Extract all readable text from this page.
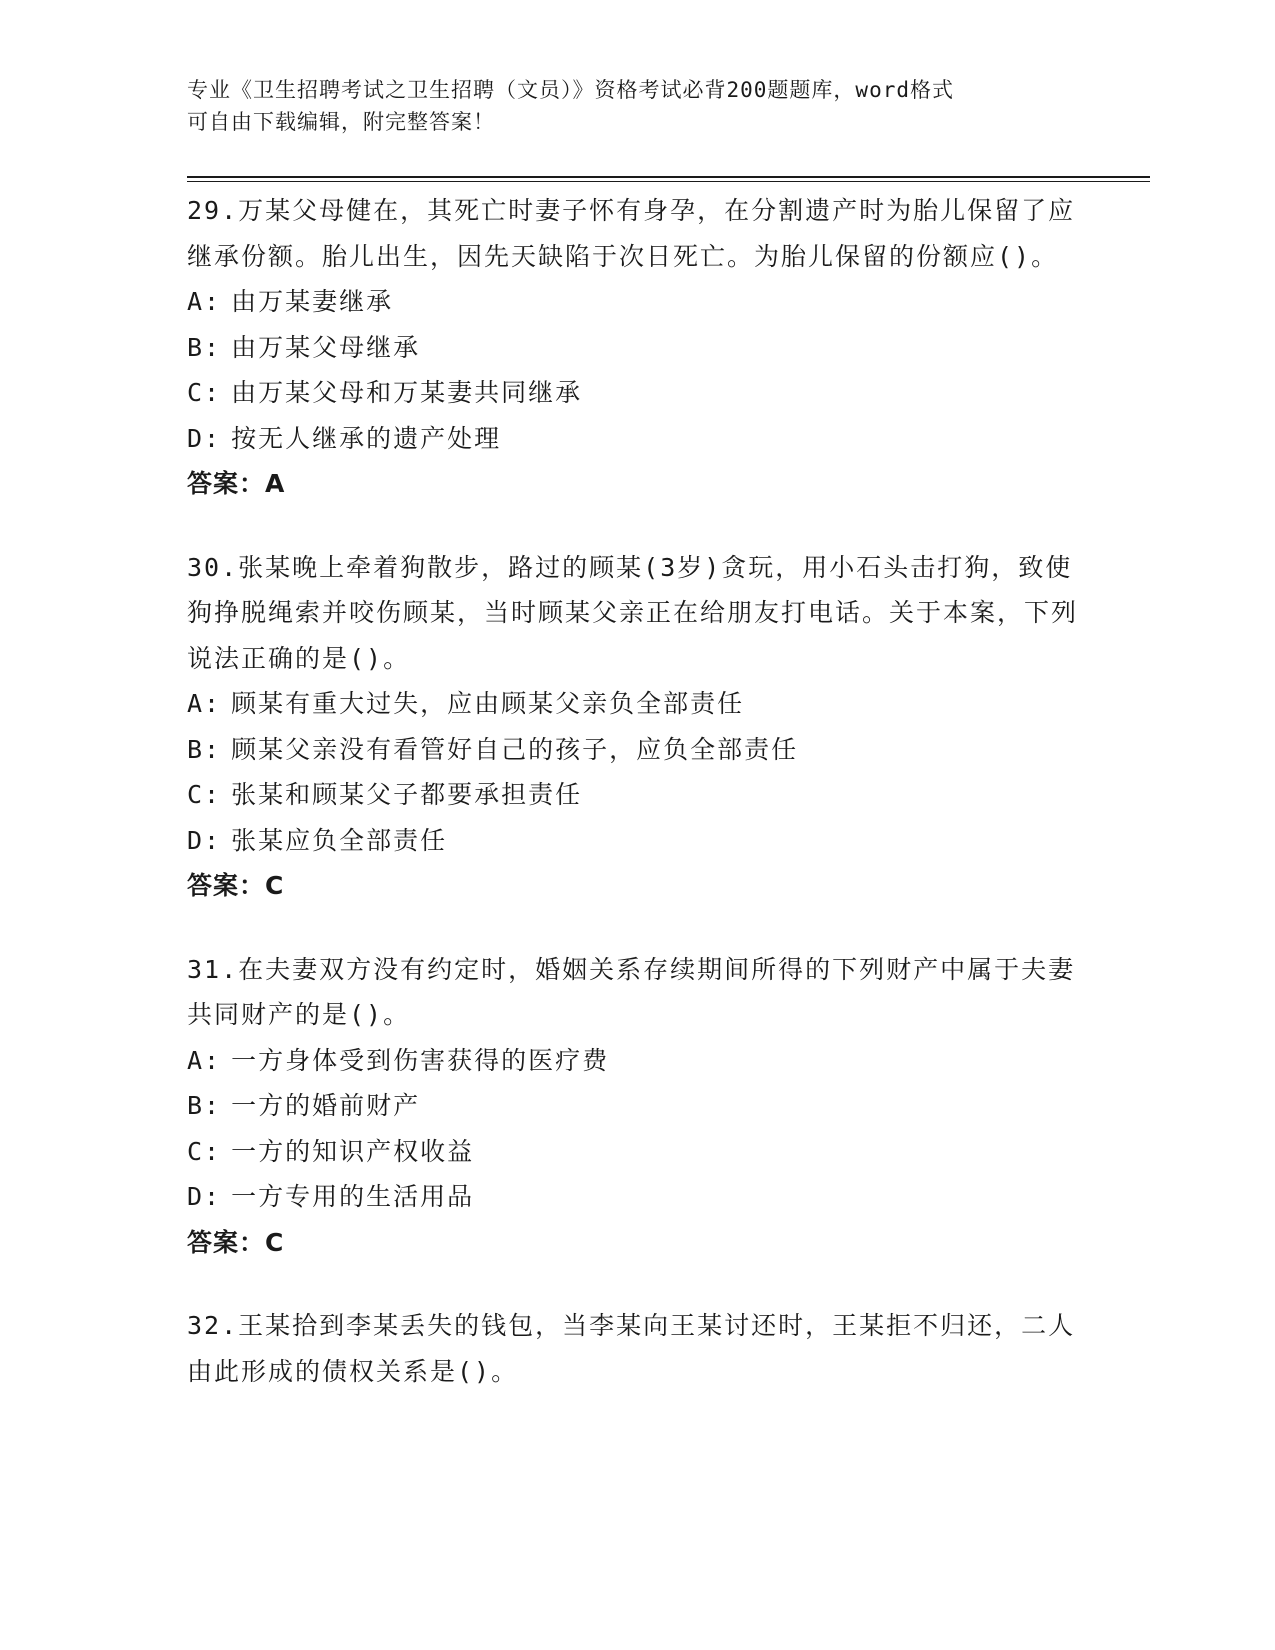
专业《卫生招聘考试之卫生招聘（文员）》资格考试必背200题题库，word格式
可自由下载编辑，附完整答案！
29.万某父母健在，其死亡时妻子怀有身孕，在分割遗产时为胎儿保留了应继承份额。胎儿出生，因先天缺陷于次日死亡。为胎儿保留的份额应()。
A: 由万某妻继承
B: 由万某父母继承
C: 由万某父母和万某妻共同继承
D: 按无人继承的遗产处理
答案：A
30.张某晚上牵着狗散步，路过的顾某(3岁)贪玩，用小石头击打狗，致使狗挣脱绳索并咬伤顾某，当时顾某父亲正在给朋友打电话。关于本案，下列说法正确的是()。
A: 顾某有重大过失，应由顾某父亲负全部责任
B: 顾某父亲没有看管好自己的孩子，应负全部责任
C: 张某和顾某父子都要承担责任
D: 张某应负全部责任
答案：C
31.在夫妻双方没有约定时，婚姻关系存续期间所得的下列财产中属于夫妻共同财产的是()。
A: 一方身体受到伤害获得的医疗费
B: 一方的婚前财产
C: 一方的知识产权收益
D: 一方专用的生活用品
答案：C
32.王某拾到李某丢失的钱包，当李某向王某讨还时，王某拒不归还，二人由此形成的债权关系是()。
